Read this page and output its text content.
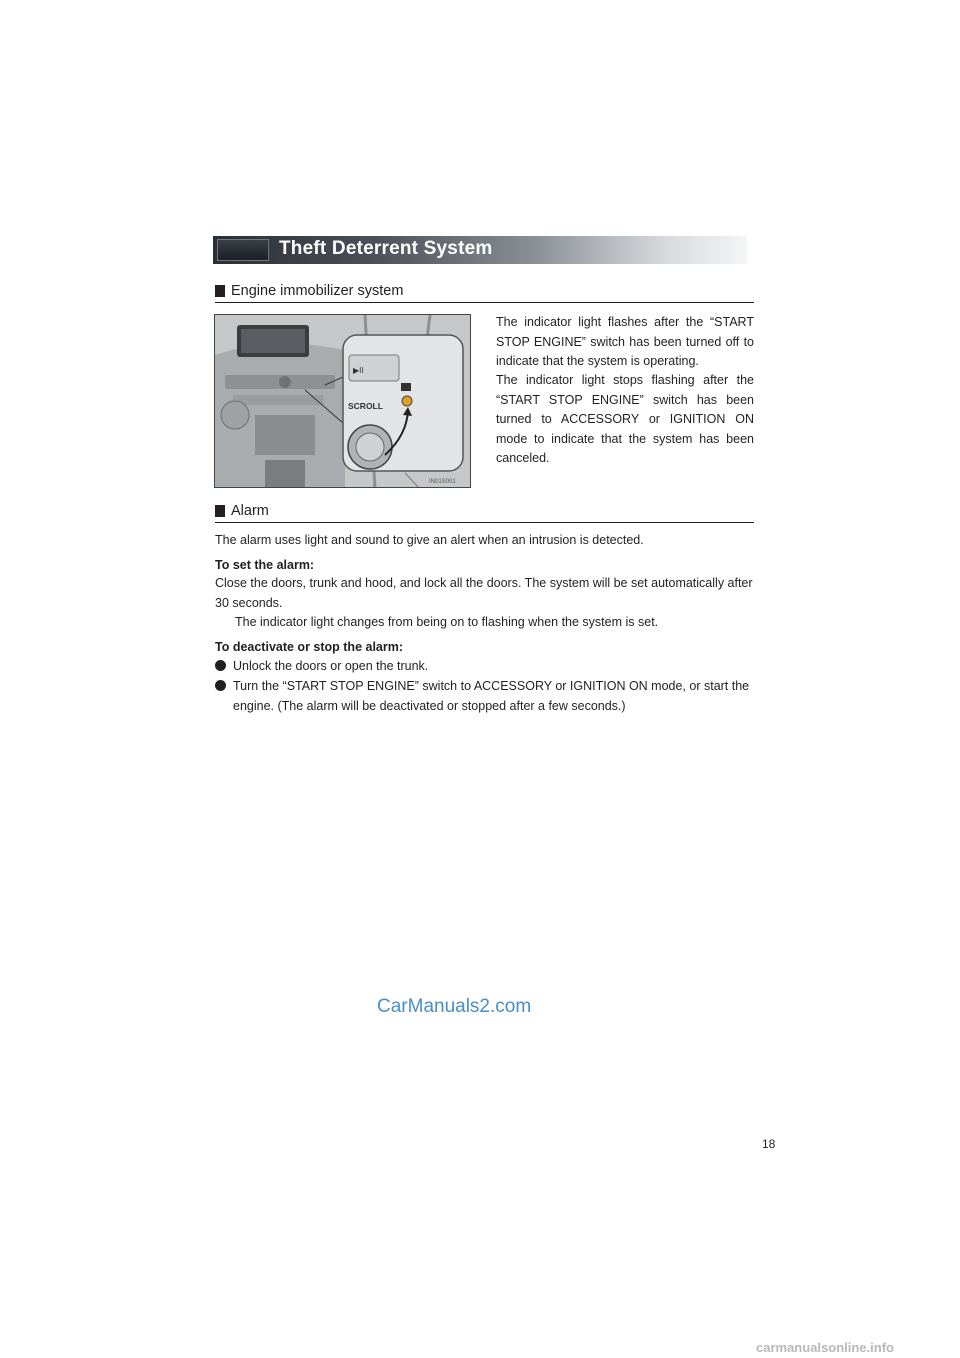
Theft Deterrent System
Engine immobilizer system
▶II
SCROLL
IN01S001
The indicator light flashes after the “START STOP ENGINE” switch has been turned off to indicate that the system is operating.
The indicator light stops flashing after the “START STOP ENGINE” switch has been turned to ACCESSORY or IGNITION ON mode to indicate that the system has been canceled.
Alarm
The alarm uses light and sound to give an alert when an intrusion is detected.
To set the alarm:
Close the doors, trunk and hood, and lock all the doors. The system will be set automatically after 30 seconds.
The indicator light changes from being on to flashing when the system is set.
To deactivate or stop the alarm:
Unlock the doors or open the trunk.
Turn the “START STOP ENGINE” switch to ACCESSORY or IGNITION ON mode, or start the engine. (The alarm will be deactivated or stopped after a few seconds.)
CarManuals2.com
18
carmanualsonline.info
